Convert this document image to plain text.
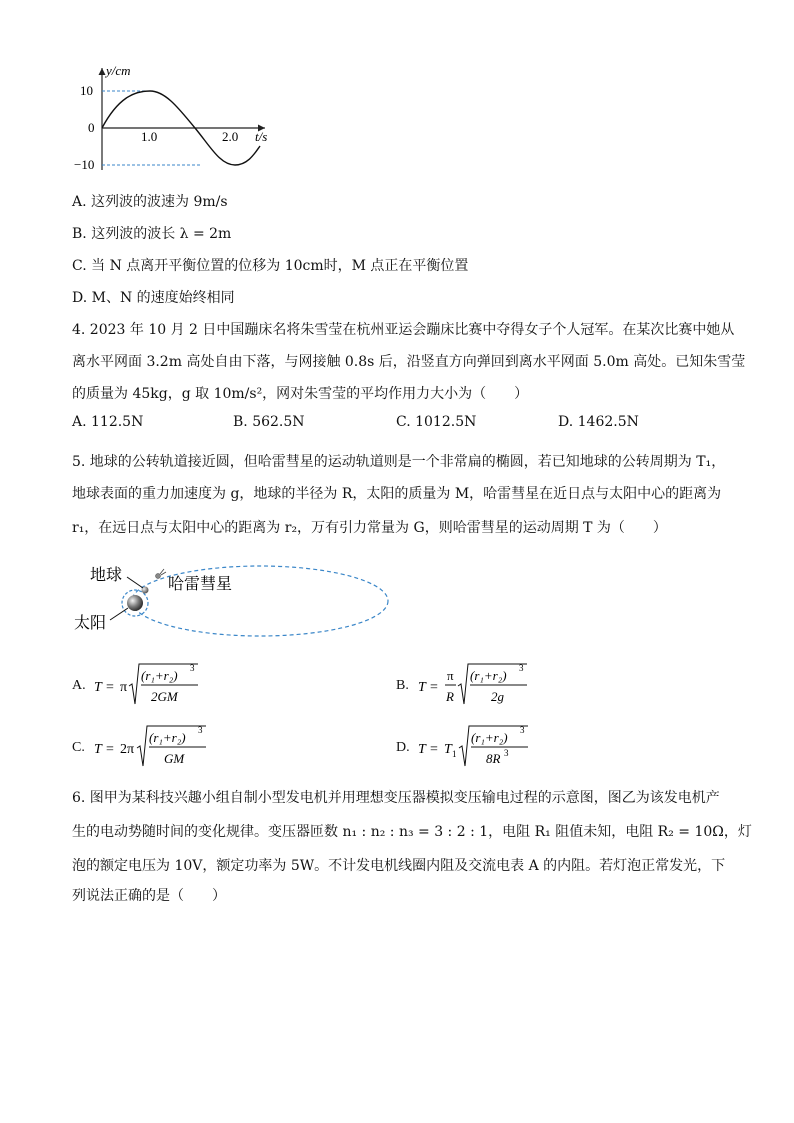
y/cm
10
0
−10
1.0	2.0 t/s
A. 这列波的波速为 9m/s
B. 这列波的波长 λ = 2m
C. 当 N 点离开平衡位置的位移为 10cm时，M 点正在平衡位置
D. M、N 的速度始终相同
4. 2023 年 10 月 2 日中国蹦床名将朱雪莹在杭州亚运会蹦床比赛中夺得女子个人冠军。在某次比赛中她从
离水平网面 3.2m 高处自由下落，与网接触 0.8s 后，沿竖直方向弹回到离水平网面 5.0m 高处。已知朱雪莹
的质量为 45kg，g 取 10m/s²，网对朱雪莹的平均作用力大小为（　　）
A. 112.5N	B. 562.5N	C. 1012.5N	D. 1462.5N
5. 地球的公转轨道接近圆，但哈雷彗星的运动轨道则是一个非常扁的椭圆，若已知地球的公转周期为 T₁，
地球表面的重力加速度为 g，地球的半径为 R，太阳的质量为 M，哈雷彗星在近日点与太阳中心的距离为
r₁，在远日点与太阳中心的距离为 r₂，万有引力常量为 G，则哈雷彗星的运动周期 T 为（　　）
地球	哈雷彗星
太阳
A. T = π
(r₁+r₂) 3
2GM
B. T =
π
R
(r₁+r₂) 3
2g
C. T = 2π
(r₁+r₂) 3
GM
D. T = T 1
(r₁+r₂) 3
8R 3
6. 图甲为某科技兴趣小组自制小型发电机并用理想变压器模拟变压输电过程的示意图，图乙为该发电机产
生的电动势随时间的变化规律。变压器匝数 n₁ : n₂ : n₃ = 3 : 2 : 1，电阻 R₁ 阻值未知，电阻 R₂ = 10Ω，灯
泡的额定电压为 10V，额定功率为 5W。不计发电机线圈内阻及交流电表 A 的内阻。若灯泡正常发光，下
列说法正确的是（　　）
